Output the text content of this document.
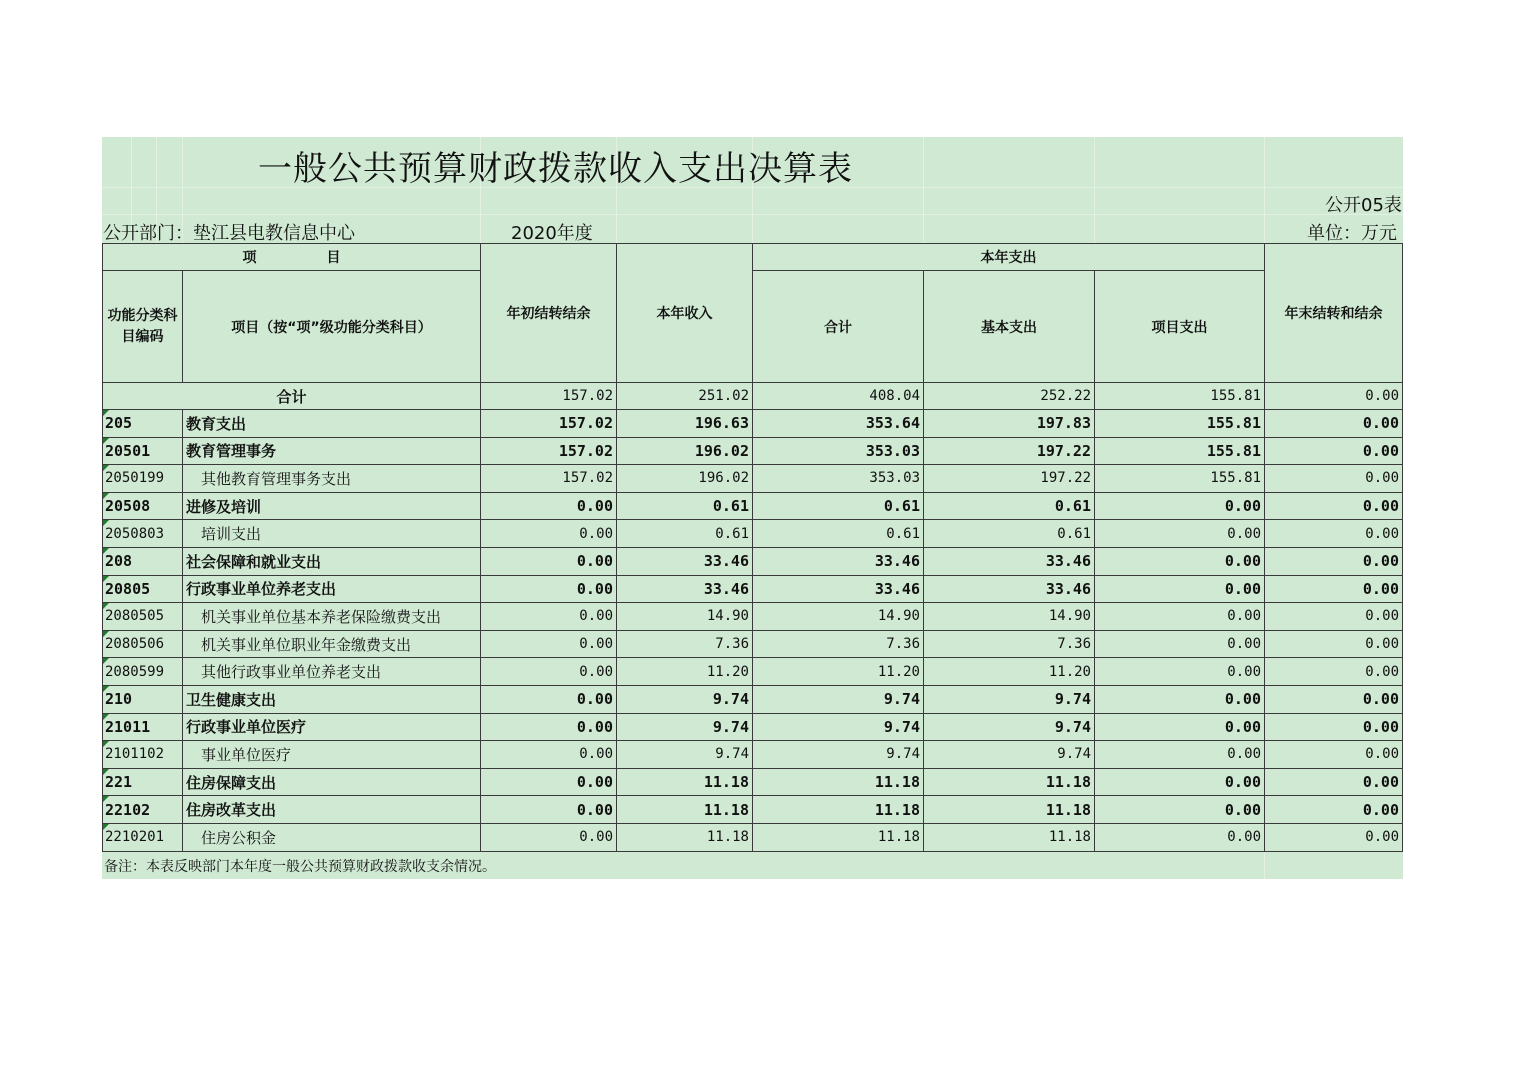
一般公共预算财政拨款收入支出决算表
公开05表
公开部门：垫江县电教信息中心	2020年度	单位：万元
项　　　　　目		年初结转结余	本年收入	本年支出			年末结转和结余
功能分类科目编码	项目（按“项”级功能分类科目）			合计	基本支出	项目支出	
合计		157.02	251.02	408.04	252.22	155.81	0.00

205	教育支出	157.02	196.63	353.64	197.83	155.81	0.00

20501	教育管理事务	157.02	196.02	353.03	197.22	155.81	0.00

2050199	其他教育管理事务支出	157.02	196.02	353.03	197.22	155.81	0.00

20508	进修及培训	0.00	0.61	0.61	0.61	0.00	0.00

2050803	培训支出	0.00	0.61	0.61	0.61	0.00	0.00

208	社会保障和就业支出	0.00	33.46	33.46	33.46	0.00	0.00

20805	行政事业单位养老支出	0.00	33.46	33.46	33.46	0.00	0.00

2080505	机关事业单位基本养老保险缴费支出	0.00	14.90	14.90	14.90	0.00	0.00

2080506	机关事业单位职业年金缴费支出	0.00	7.36	7.36	7.36	0.00	0.00

2080599	其他行政事业单位养老支出	0.00	11.20	11.20	11.20	0.00	0.00

210	卫生健康支出	0.00	9.74	9.74	9.74	0.00	0.00

21011	行政事业单位医疗	0.00	9.74	9.74	9.74	0.00	0.00

2101102	事业单位医疗	0.00	9.74	9.74	9.74	0.00	0.00

221	住房保障支出	0.00	11.18	11.18	11.18	0.00	0.00

22102	住房改革支出	0.00	11.18	11.18	11.18	0.00	0.00

2210201	住房公积金	0.00	11.18	11.18	11.18	0.00	0.00
备注：本表反映部门本年度一般公共预算财政拨款收支余情况。
